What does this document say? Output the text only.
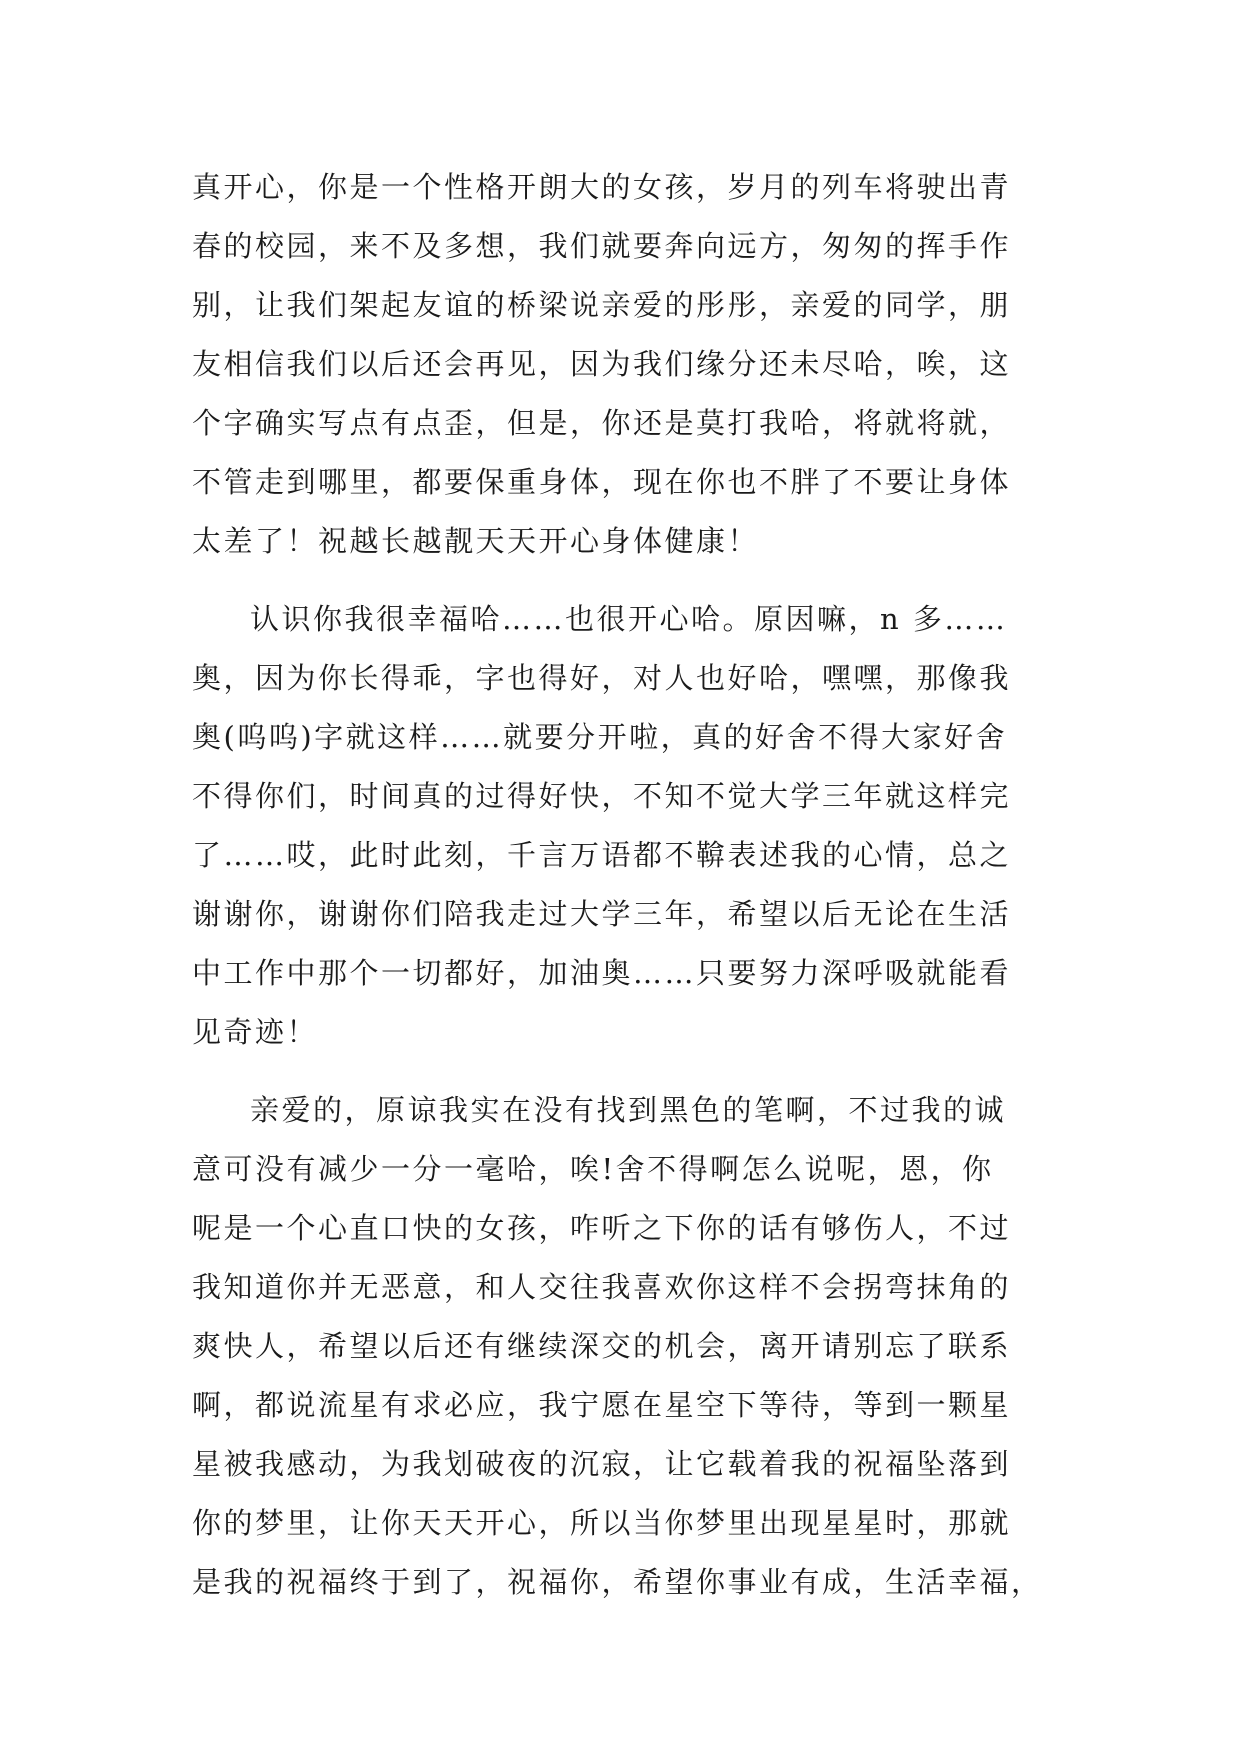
真开心，你是一个性格开朗大的女孩，岁月的列车将驶出青
春的校园，来不及多想，我们就要奔向远方，匆匆的挥手作
别，让我们架起友谊的桥梁说亲爱的彤彤，亲爱的同学，朋
友相信我们以后还会再见，因为我们缘分还未尽哈，唉，这
个字确实写点有点歪，但是，你还是莫打我哈，将就将就，
不管走到哪里，都要保重身体，现在你也不胖了不要让身体
太差了！祝越长越靓天天开心身体健康！
认识你我很幸福哈……也很开心哈。原因嘛，n 多……
奥，因为你长得乖，字也得好，对人也好哈，嘿嘿，那像我
奥(呜呜)字就这样……就要分开啦，真的好舍不得大家好舍
不得你们，时间真的过得好快，不知不觉大学三年就这样完
了……哎，此时此刻，千言万语都不鞥表述我的心情，总之
谢谢你，谢谢你们陪我走过大学三年，希望以后无论在生活
中工作中那个一切都好，加油奥……只要努力深呼吸就能看
见奇迹！
亲爱的，原谅我实在没有找到黑色的笔啊，不过我的诚
意可没有减少一分一毫哈，唉!舍不得啊怎么说呢，恩，你
呢是一个心直口快的女孩，咋听之下你的话有够伤人，不过
我知道你并无恶意，和人交往我喜欢你这样不会拐弯抹角的
爽快人，希望以后还有继续深交的机会，离开请别忘了联系
啊，都说流星有求必应，我宁愿在星空下等待，等到一颗星
星被我感动，为我划破夜的沉寂，让它载着我的祝福坠落到
你的梦里，让你天天开心，所以当你梦里出现星星时，那就
是我的祝福终于到了，祝福你，希望你事业有成，生活幸福，
